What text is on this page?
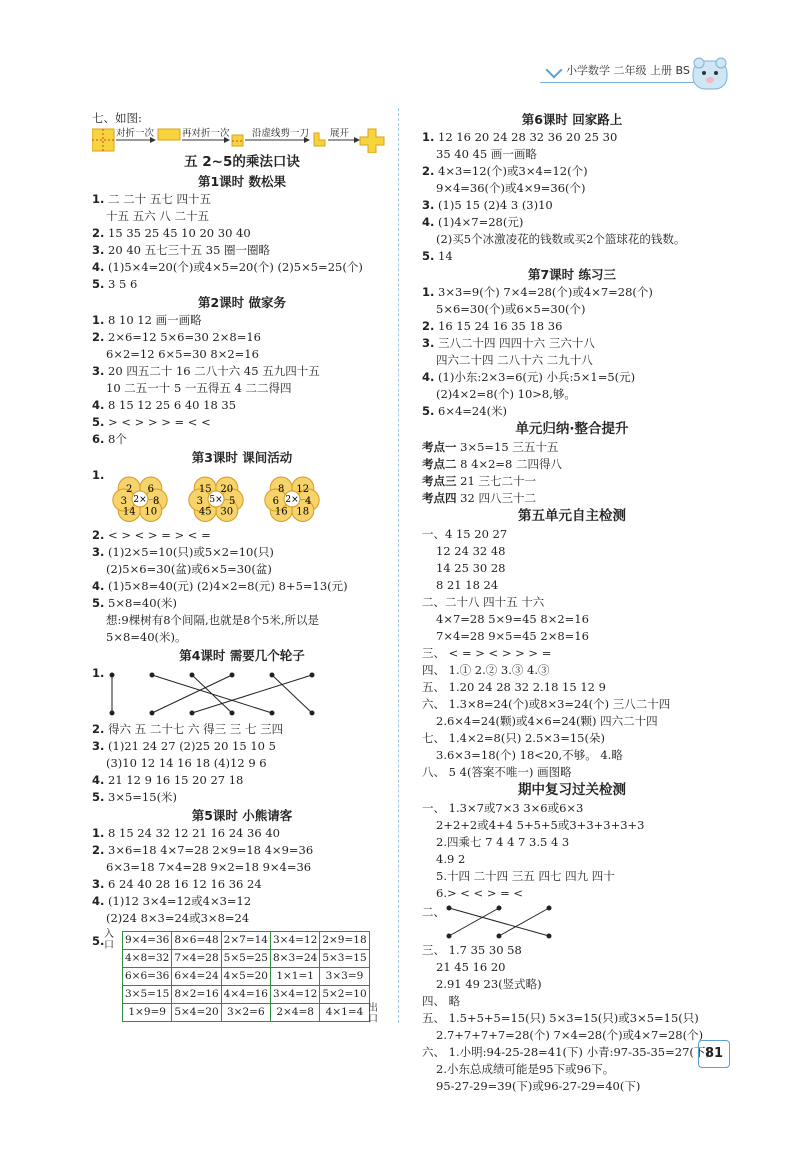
小学数学 二年级 上册 BS
七、如图:
对折一次	再对折一次 沿虚线剪一刀 展开
五 2~5的乘法口诀
第1课时 数松果
1. 二 二十 五七 四十五
十五 五六 八 二十五
2. 15 35 25 45 10 20 30 40
3. 20 40 五七三十五 35 圈一圈略
4. (1)5×4=20(个)或4×5=20(个) (2)5×5=25(个)
5. 3 5 6
第2课时 做家务
1. 8 10 12 画一画略
2. 2×6=12 5×6=30 2×8=16
6×2=12 6×5=30 8×2=16
3. 20 四五二十 16 二八十六 45 五九四十五
10 二五一十 5 一五得五 4 二二得四
4. 8 15 12 25 6 40 18 35
5. > < > > > = < <
6. 8个
第3课时 课间活动
1.
2×
2 6
8
10
14
3	5×
15 20
5
30
45
3	2×
8 12
4
18
16
6
2. < > < > = > < =
3. (1)2×5=10(只)或5×2=10(只)
(2)5×6=30(盆)或6×5=30(盆)
4. (1)5×8=40(元) (2)4×2=8(元) 8+5=13(元)
5. 5×8=40(米)
想:9棵树有8个间隔,也就是8个5米,所以是
5×8=40(米)。
第4课时 需要几个轮子
1.
2. 得六 五 二十七 六 得三 三 七 三四
3. (1)21 24 27 (2)25 20 15 10 5
(3)10 12 14 16 18 (4)12 9 6
4. 21 12 9 16 15 20 27 18
5. 3×5=15(米)
第5课时 小熊请客
1. 8 15 24 32 12 21 16 24 36 40
2. 3×6=18 4×7=28 2×9=18 4×9=36
6×3=18 7×4=28 9×2=18 9×4=36
3. 6 24 40 28 16 12 16 36 24
4. (1)12 3×4=12或4×3=12
(2)24 8×3=24或3×8=24
5. 入口 9×4=36	8×6=48	2×7=14	3×4=12	2×9=18
4×8=32	7×4=28	5×5=25	8×3=24	5×3=15
6×6=36	6×4=24	4×5=20	1×1=1	3×3=9
3×5=15	8×2=16	4×4=16	3×4=12	5×2=10
1×9=9	5×4=20	3×2=6	2×4=8	4×1=4 出口
第6课时 回家路上
1. 12 16 20 24 28 32 36 20 25 30
35 40 45 画一画略
2. 4×3=12(个)或3×4=12(个)
9×4=36(个)或4×9=36(个)
3. (1)5 15 (2)4 3 (3)10
4. (1)4×7=28(元)
(2)买5个冰激凌花的钱数或买2个篮球花的钱数。
5. 14
第7课时 练习三
1. 3×3=9(个) 7×4=28(个)或4×7=28(个)
5×6=30(个)或6×5=30(个)
2. 16 15 24 16 35 18 36
3. 三八二十四 四四十六 三六十八
四六二十四 二八十六 二九十八
4. (1)小东:2×3=6(元) 小兵:5×1=5(元)
(2)4×2=8(个) 10>8,够。
5. 6×4=24(米)
单元归纳·整合提升
考点一 3×5=15 三五十五
考点二 8 4×2=8 二四得八
考点三 21 三七二十一
考点四 32 四八三十二
第五单元自主检测
一、4 15 20 27
12 24 32 48
14 25 30 28
8 21 18 24
二、二十八 四十五 十六
4×7=28 5×9=45 8×2=16
7×4=28 9×5=45 2×8=16
三、 < = > < > > > =
四、 1.① 2.② 3.③ 4.③
五、 1.20 24 28 32 2.18 15 12 9
六、 1.3×8=24(个)或8×3=24(个) 三八二十四
2.6×4=24(颗)或4×6=24(颗) 四六二十四
七、 1.4×2=8(只) 2.5×3=15(朵)
3.6×3=18(个) 18<20,不够。 4.略
八、 5 4(答案不唯一) 画图略
期中复习过关检测
一、 1.3×7或7×3 3×6或6×3
2+2+2或4+4 5+5+5或3+3+3+3+3
2.四乘七 7 4 4 7 3.5 4 3
4.9 2
5.十四 二十四 三五 四七 四九 四十
6.> < < > = <
二、
三、 1.7 35 30 58
21 45 16 20
2.91 49 23(竖式略)
四、 略
五、 1.5+5+5=15(只) 5×3=15(只)或3×5=15(只)
2.7+7+7+7=28(个) 7×4=28(个)或4×7=28(个)
六、 1.小明:94-25-28=41(下) 小青:97-35-35=27(下)
2.小东总成绩可能是95下或96下。
95-27-29=39(下)或96-27-29=40(下)
81
